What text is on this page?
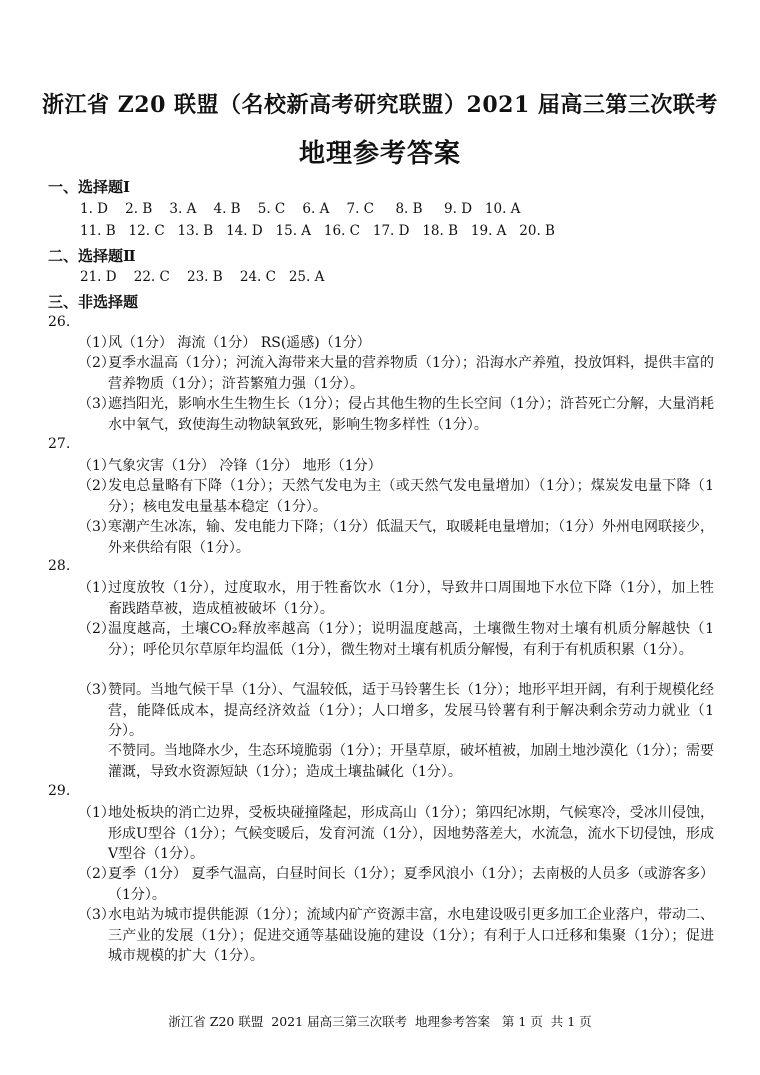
浙江省 Z20 联盟（名校新高考研究联盟）2021 届高三第三次联考
地理参考答案
一、选择题Ⅰ
1. D    2. B    3. A    4. B    5. C    6. A    7. C     8. B     9. D   10. A
11. B   12. C   13. B   14. D   15. A   16. C   17. D   18. B   19. A   20. B
二、选择题Ⅱ
21. D    22. C    23. B    24. C   25. A
三、非选择题
26.
（1）
风（1分） 海流（1分） RS(遥感)（1分）
（2）
夏季水温高（1分）；河流入海带来大量的营养物质（1分）；沿海水产养殖，投放饵料，提供丰富的营养物质（1分）；浒苔繁殖力强（1分）。
（3）
遮挡阳光，影响水生生物生长（1分）；侵占其他生物的生长空间（1分）；浒苔死亡分解，大量消耗水中氧气，致使海生动物缺氧致死，影响生物多样性（1分）。
27.
（1）
气象灾害（1分） 冷锋（1分） 地形（1分）
（2）
发电总量略有下降（1分）；天然气发电为主（或天然气发电量增加）（1分）；煤炭发电量下降（1分）；核电发电量基本稳定（1分）。
（3）
寒潮产生冰冻，输、发电能力下降；（1分）低温天气，取暖耗电量增加；（1分）外州电网联接少，外来供给有限（1分）。
28.
（1）
过度放牧（1分），过度取水，用于牲畜饮水（1分），导致井口周围地下水位下降（1分），加上牲畜践踏草被，造成植被破坏（1分）。
（2）
温度越高，土壤CO₂释放率越高（1分）；说明温度越高，土壤微生物对土壤有机质分解越快（1分）；呼伦贝尔草原年均温低（1分），微生物对土壤有机质分解慢，有利于有机质积累（1分）。
（3）
赞同。当地气候干旱（1分）、气温较低，适于马铃薯生长（1分）；地形平坦开阔，有利于规模化经营，能降低成本，提高经济效益（1分）；人口增多，发展马铃薯有利于解决剩余劳动力就业（1分）。
不赞同。当地降水少，生态环境脆弱（1分）；开垦草原，破坏植被，加剧土地沙漠化（1分）；需要灌溉，导致水资源短缺（1分）；造成土壤盐碱化（1分）。
29.
（1）
地处板块的消亡边界，受板块碰撞隆起，形成高山（1分）；第四纪冰期，气候寒冷，受冰川侵蚀，形成U型谷（1分）；气候变暖后，发育河流（1分），因地势落差大，水流急，流水下切侵蚀，形成V型谷（1分）。
（2）
夏季（1分） 夏季气温高，白昼时间长（1分）；夏季风浪小（1分）；去南极的人员多（或游客多）（1分）。
（3）
水电站为城市提供能源（1分）；流域内矿产资源丰富，水电建设吸引更多加工企业落户，带动二、三产业的发展（1分）；促进交通等基础设施的建设（1分）；有利于人口迁移和集聚（1分）；促进城市规模的扩大（1分）。
浙江省 Z20 联盟  2021 届高三第三次联考  地理参考答案   第 1 页  共 1 页
